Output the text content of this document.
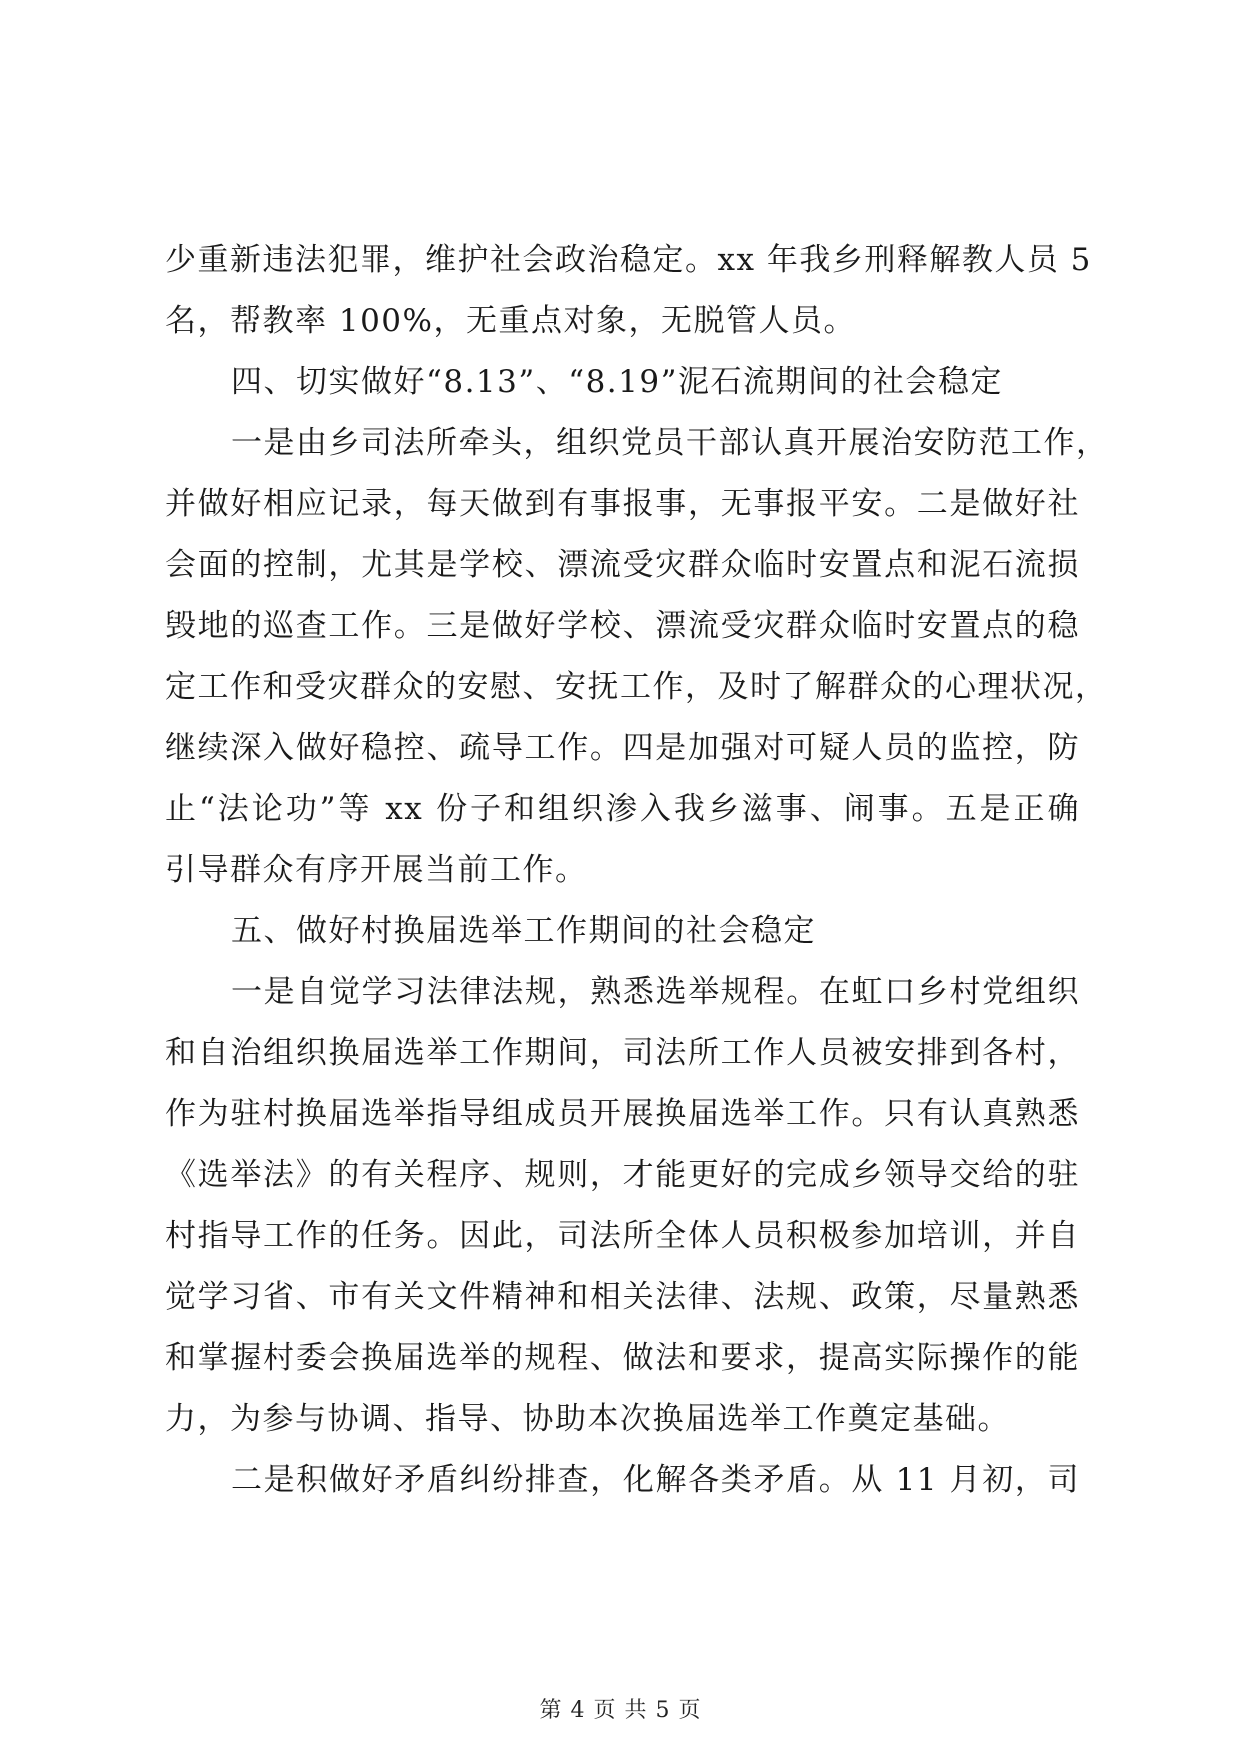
少重新违法犯罪，维护社会政治稳定。xx 年我乡刑释解教人员 5
名，帮教率 100%，无重点对象，无脱管人员。

四、切实做好“8.13”、“8.19”泥石流期间的社会稳定

一是由乡司法所牵头，组织党员干部认真开展治安防范工作，
并做好相应记录，每天做到有事报事，无事报平安。二是做好社
会面的控制，尤其是学校、漂流受灾群众临时安置点和泥石流损
毁地的巡查工作。三是做好学校、漂流受灾群众临时安置点的稳
定工作和受灾群众的安慰、安抚工作，及时了解群众的心理状况，
继续深入做好稳控、疏导工作。四是加强对可疑人员的监控，防
止“法论功”等 xx 份子和组织渗入我乡滋事、闹事。五是正确
引导群众有序开展当前工作。

五、做好村换届选举工作期间的社会稳定

一是自觉学习法律法规，熟悉选举规程。在虹口乡村党组织
和自治组织换届选举工作期间，司法所工作人员被安排到各村，
作为驻村换届选举指导组成员开展换届选举工作。只有认真熟悉
《选举法》的有关程序、规则，才能更好的完成乡领导交给的驻
村指导工作的任务。因此，司法所全体人员积极参加培训，并自
觉学习省、市有关文件精神和相关法律、法规、政策，尽量熟悉
和掌握村委会换届选举的规程、做法和要求，提高实际操作的能
力，为参与协调、指导、协助本次换届选举工作奠定基础。

二是积做好矛盾纠纷排查，化解各类矛盾。从 11 月初，司

第 4 页 共 5 页
